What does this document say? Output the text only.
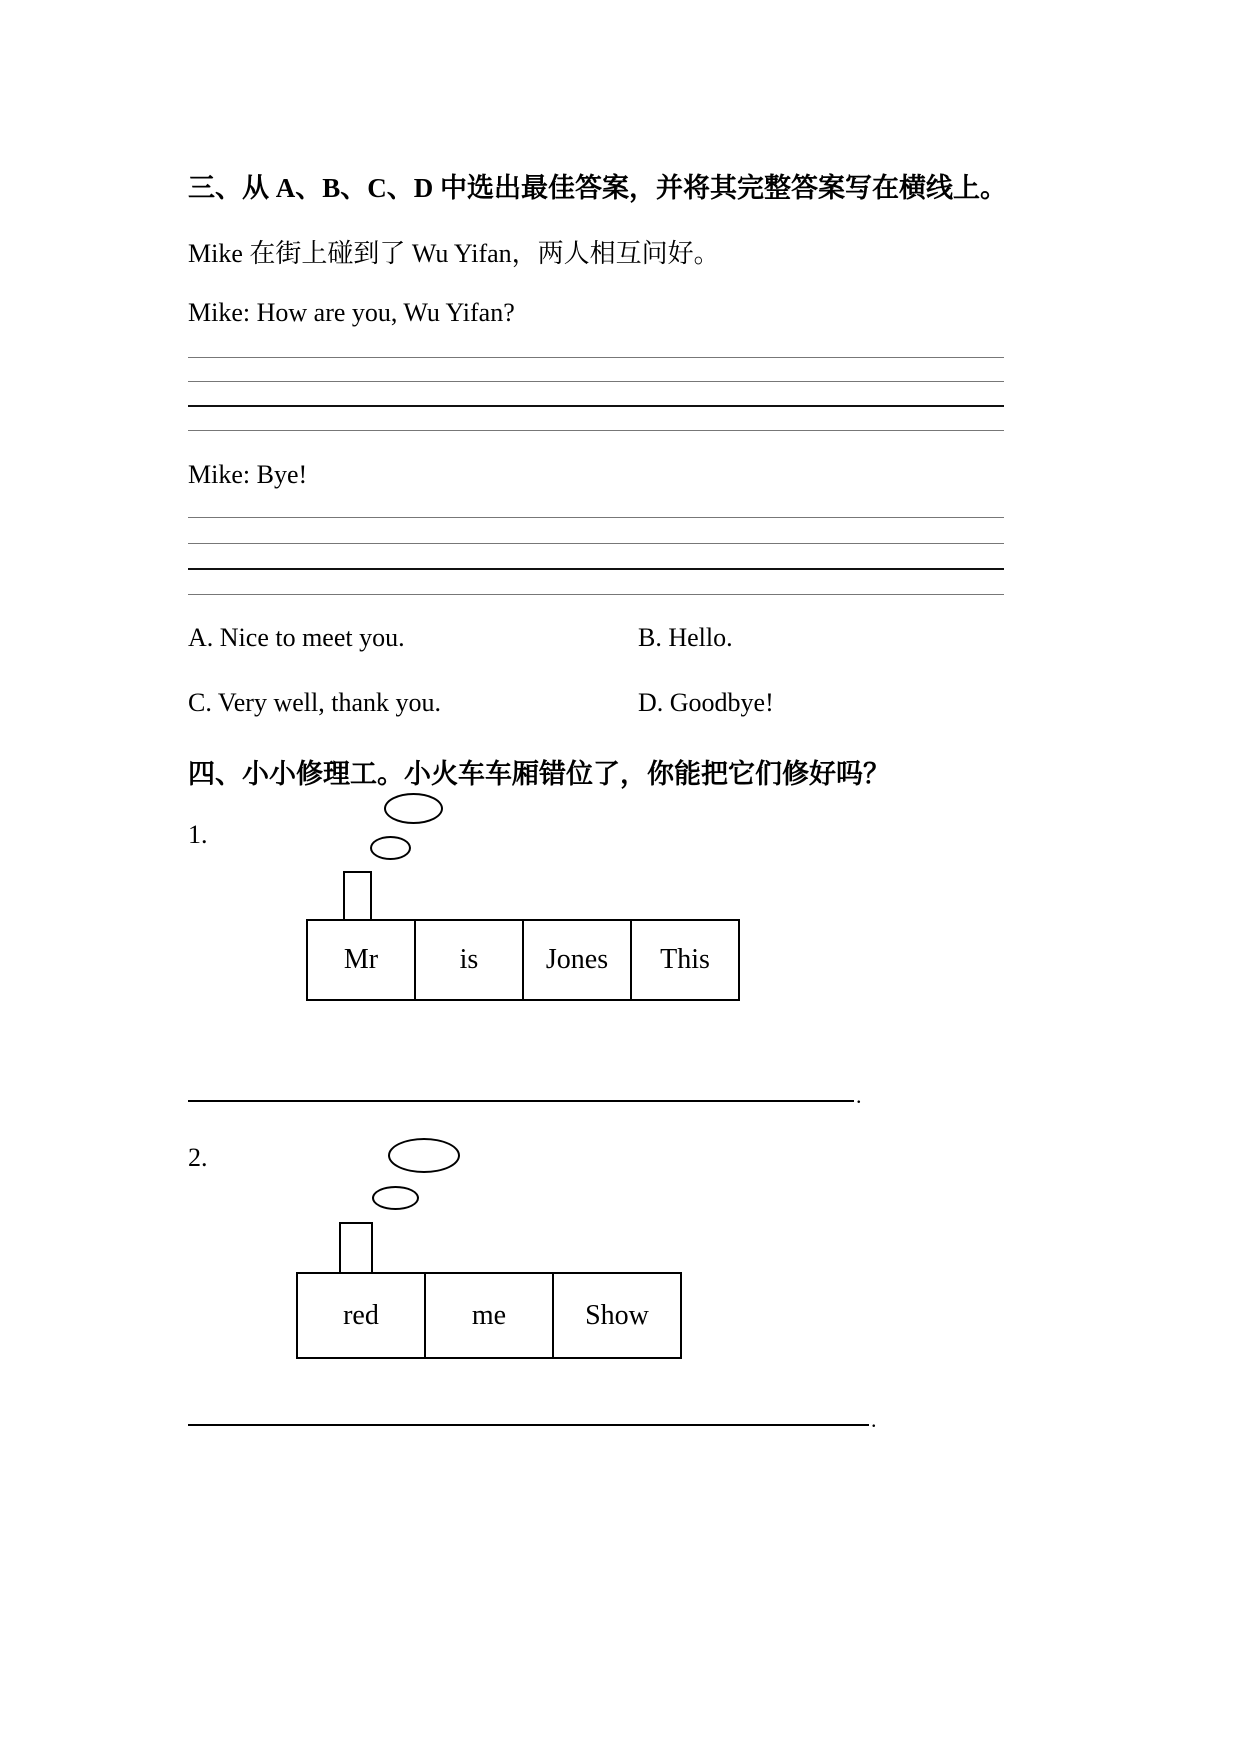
三、从 A、B、C、D 中选出最佳答案，并将其完整答案写在横线上。
Mike 在街上碰到了 Wu Yifan，两人相互问好。
Mike: How are you, Wu Yifan?
Mike: Bye!
A. Nice to meet you.	B. Hello.
C. Very well, thank you.	D. Goodbye!
四、小小修理工。小火车车厢错位了，你能把它们修好吗？
1.
Mr	is	Jones	This
.
2.
red	me	Show
.
